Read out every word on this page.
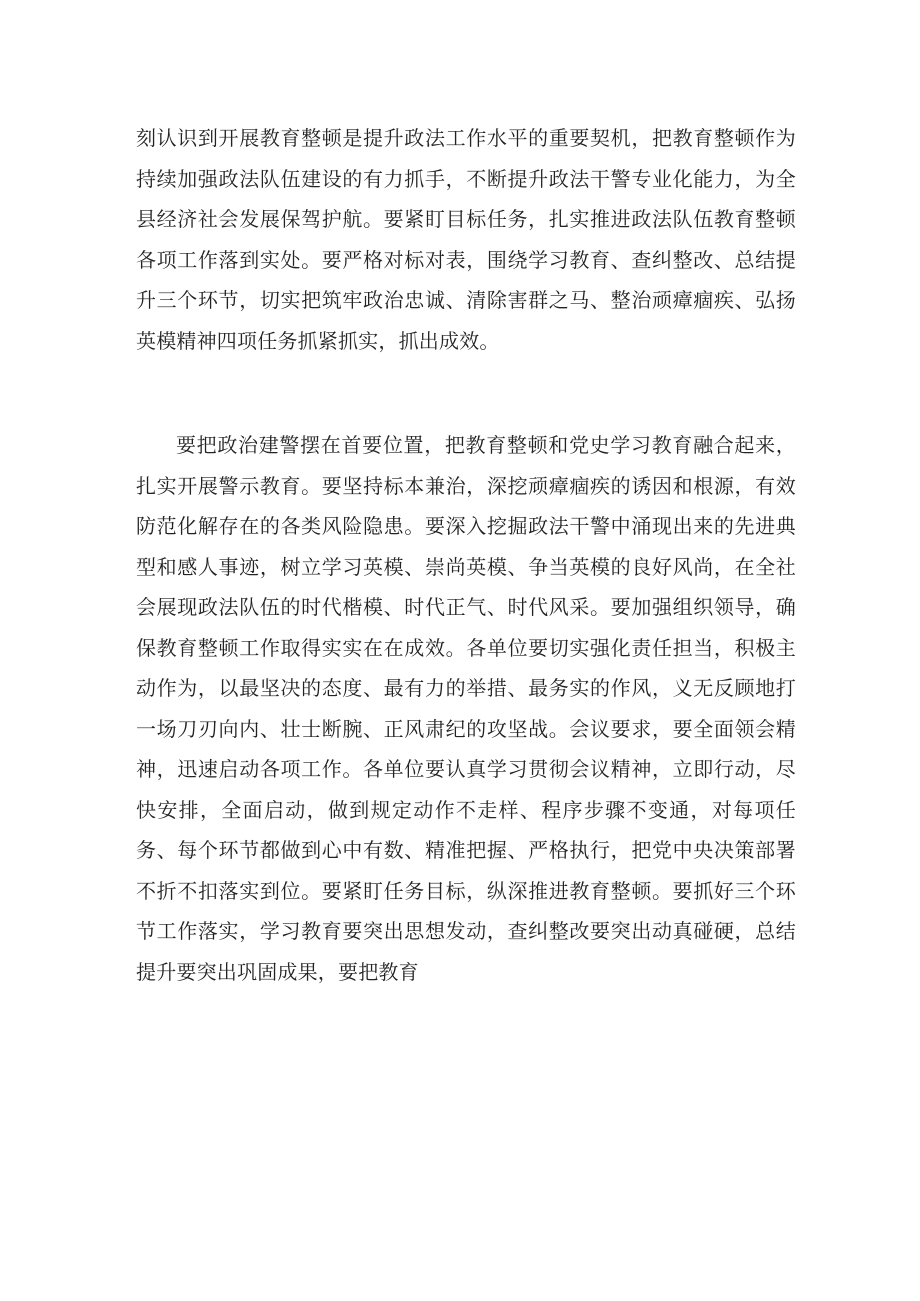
刻认识到开展教育整顿是提升政法工作水平的重要契机，把教育整顿作为持续加强政法队伍建设的有力抓手，不断提升政法干警专业化能力，为全县经济社会发展保驾护航。要紧盯目标任务，扎实推进政法队伍教育整顿各项工作落到实处。要严格对标对表，围绕学习教育、查纠整改、总结提升三个环节，切实把筑牢政治忠诚、清除害群之马、整治顽瘴痼疾、弘扬英模精神四项任务抓紧抓实，抓出成效。

要把政治建警摆在首要位置，把教育整顿和党史学习教育融合起来，扎实开展警示教育。要坚持标本兼治，深挖顽瘴痼疾的诱因和根源，有效防范化解存在的各类风险隐患。要深入挖掘政法干警中涌现出来的先进典型和感人事迹，树立学习英模、崇尚英模、争当英模的良好风尚，在全社会展现政法队伍的时代楷模、时代正气、时代风采。要加强组织领导，确保教育整顿工作取得实实在在成效。各单位要切实强化责任担当，积极主动作为，以最坚决的态度、最有力的举措、最务实的作风，义无反顾地打一场刀刃向内、壮士断腕、正风肃纪的攻坚战。会议要求，要全面领会精神，迅速启动各项工作。各单位要认真学习贯彻会议精神，立即行动，尽快安排，全面启动，做到规定动作不走样、程序步骤不变通，对每项任务、每个环节都做到心中有数、精准把握、严格执行，把党中央决策部署不折不扣落实到位。要紧盯任务目标，纵深推进教育整顿。要抓好三个环节工作落实，学习教育要突出思想发动，查纠整改要突出动真碰硬，总结提升要突出巩固成果，要把教育
